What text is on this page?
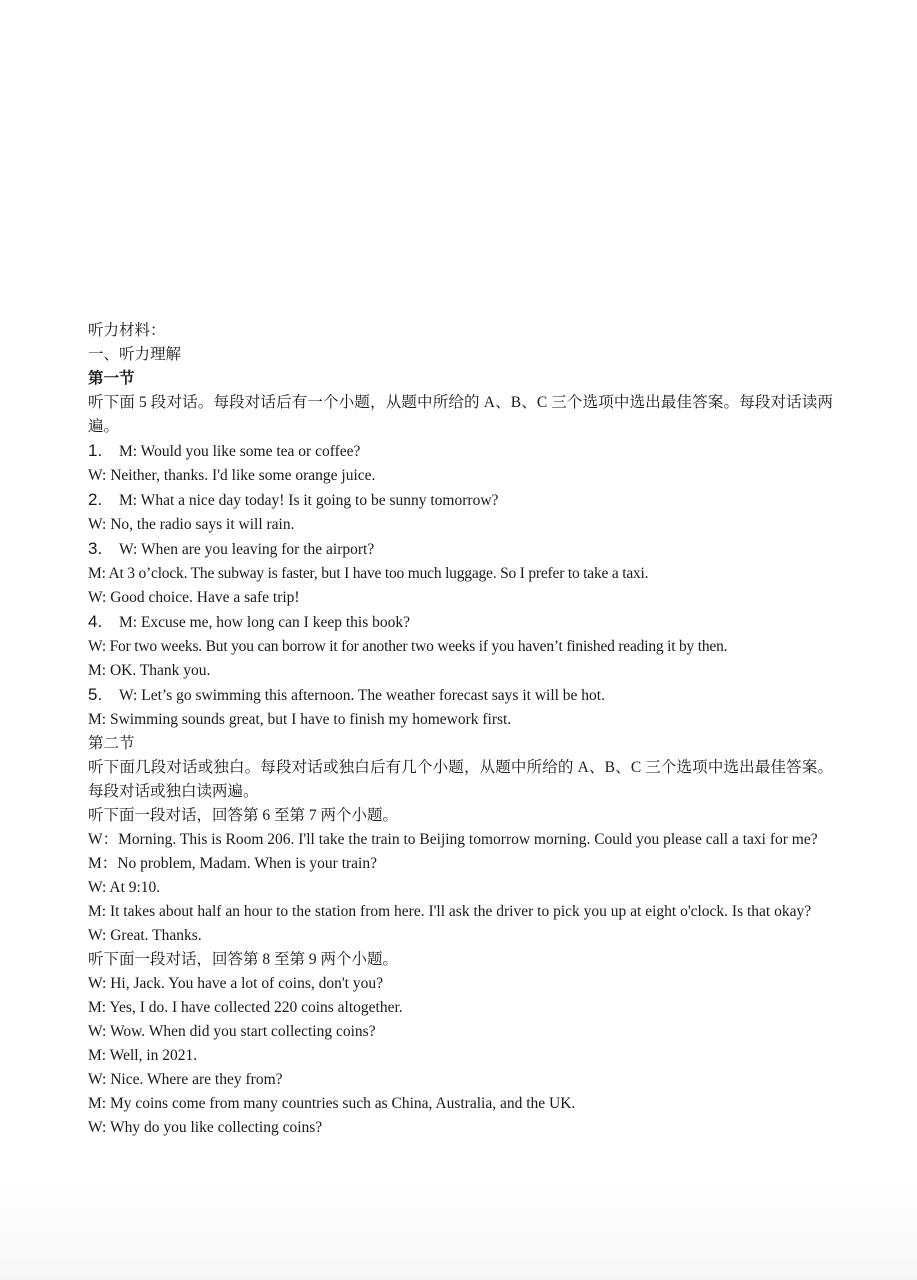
听力材料：

一、听力理解

第一节

听下面 5 段对话。每段对话后有一个小题，从题中所给的 A、B、C 三个选项中选出最佳答案。每段对话读两遍。

1. M: Would you like some tea or coffee?

W: Neither, thanks. I'd like some orange juice.

2. M: What a nice day today! Is it going to be sunny tomorrow?

W: No, the radio says it will rain.

3. W: When are you leaving for the airport?

M: At 3 o’clock. The subway is faster, but I have too much luggage. So I prefer to take a taxi.

W: Good choice. Have a safe trip!

4. M: Excuse me, how long can I keep this book?

W: For two weeks. But you can borrow it for another two weeks if you haven’t finished reading it by then.

M: OK. Thank you.

5. W: Let’s go swimming this afternoon. The weather forecast says it will be hot.

M: Swimming sounds great, but I have to finish my homework first.

第二节

听下面几段对话或独白。每段对话或独白后有几个小题，从题中所给的 A、B、C 三个选项中选出最佳答案。每段对话或独白读两遍。

听下面一段对话，回答第 6 至第 7 两个小题。

W：Morning. This is Room 206. I'll take the train to Beijing tomorrow morning. Could you please call a taxi for me?

M：No problem, Madam. When is your train?

W: At 9:10.

M: It takes about half an hour to the station from here. I'll ask the driver to pick you up at eight o'clock. Is that okay?

W: Great. Thanks.

听下面一段对话，回答第 8 至第 9 两个小题。

W: Hi, Jack. You have a lot of coins, don't you?

M: Yes, I do. I have collected 220 coins altogether.

W: Wow. When did you start collecting coins?

M: Well, in 2021.

W: Nice. Where are they from?

M: My coins come from many countries such as China, Australia, and the UK.

W: Why do you like collecting coins?
